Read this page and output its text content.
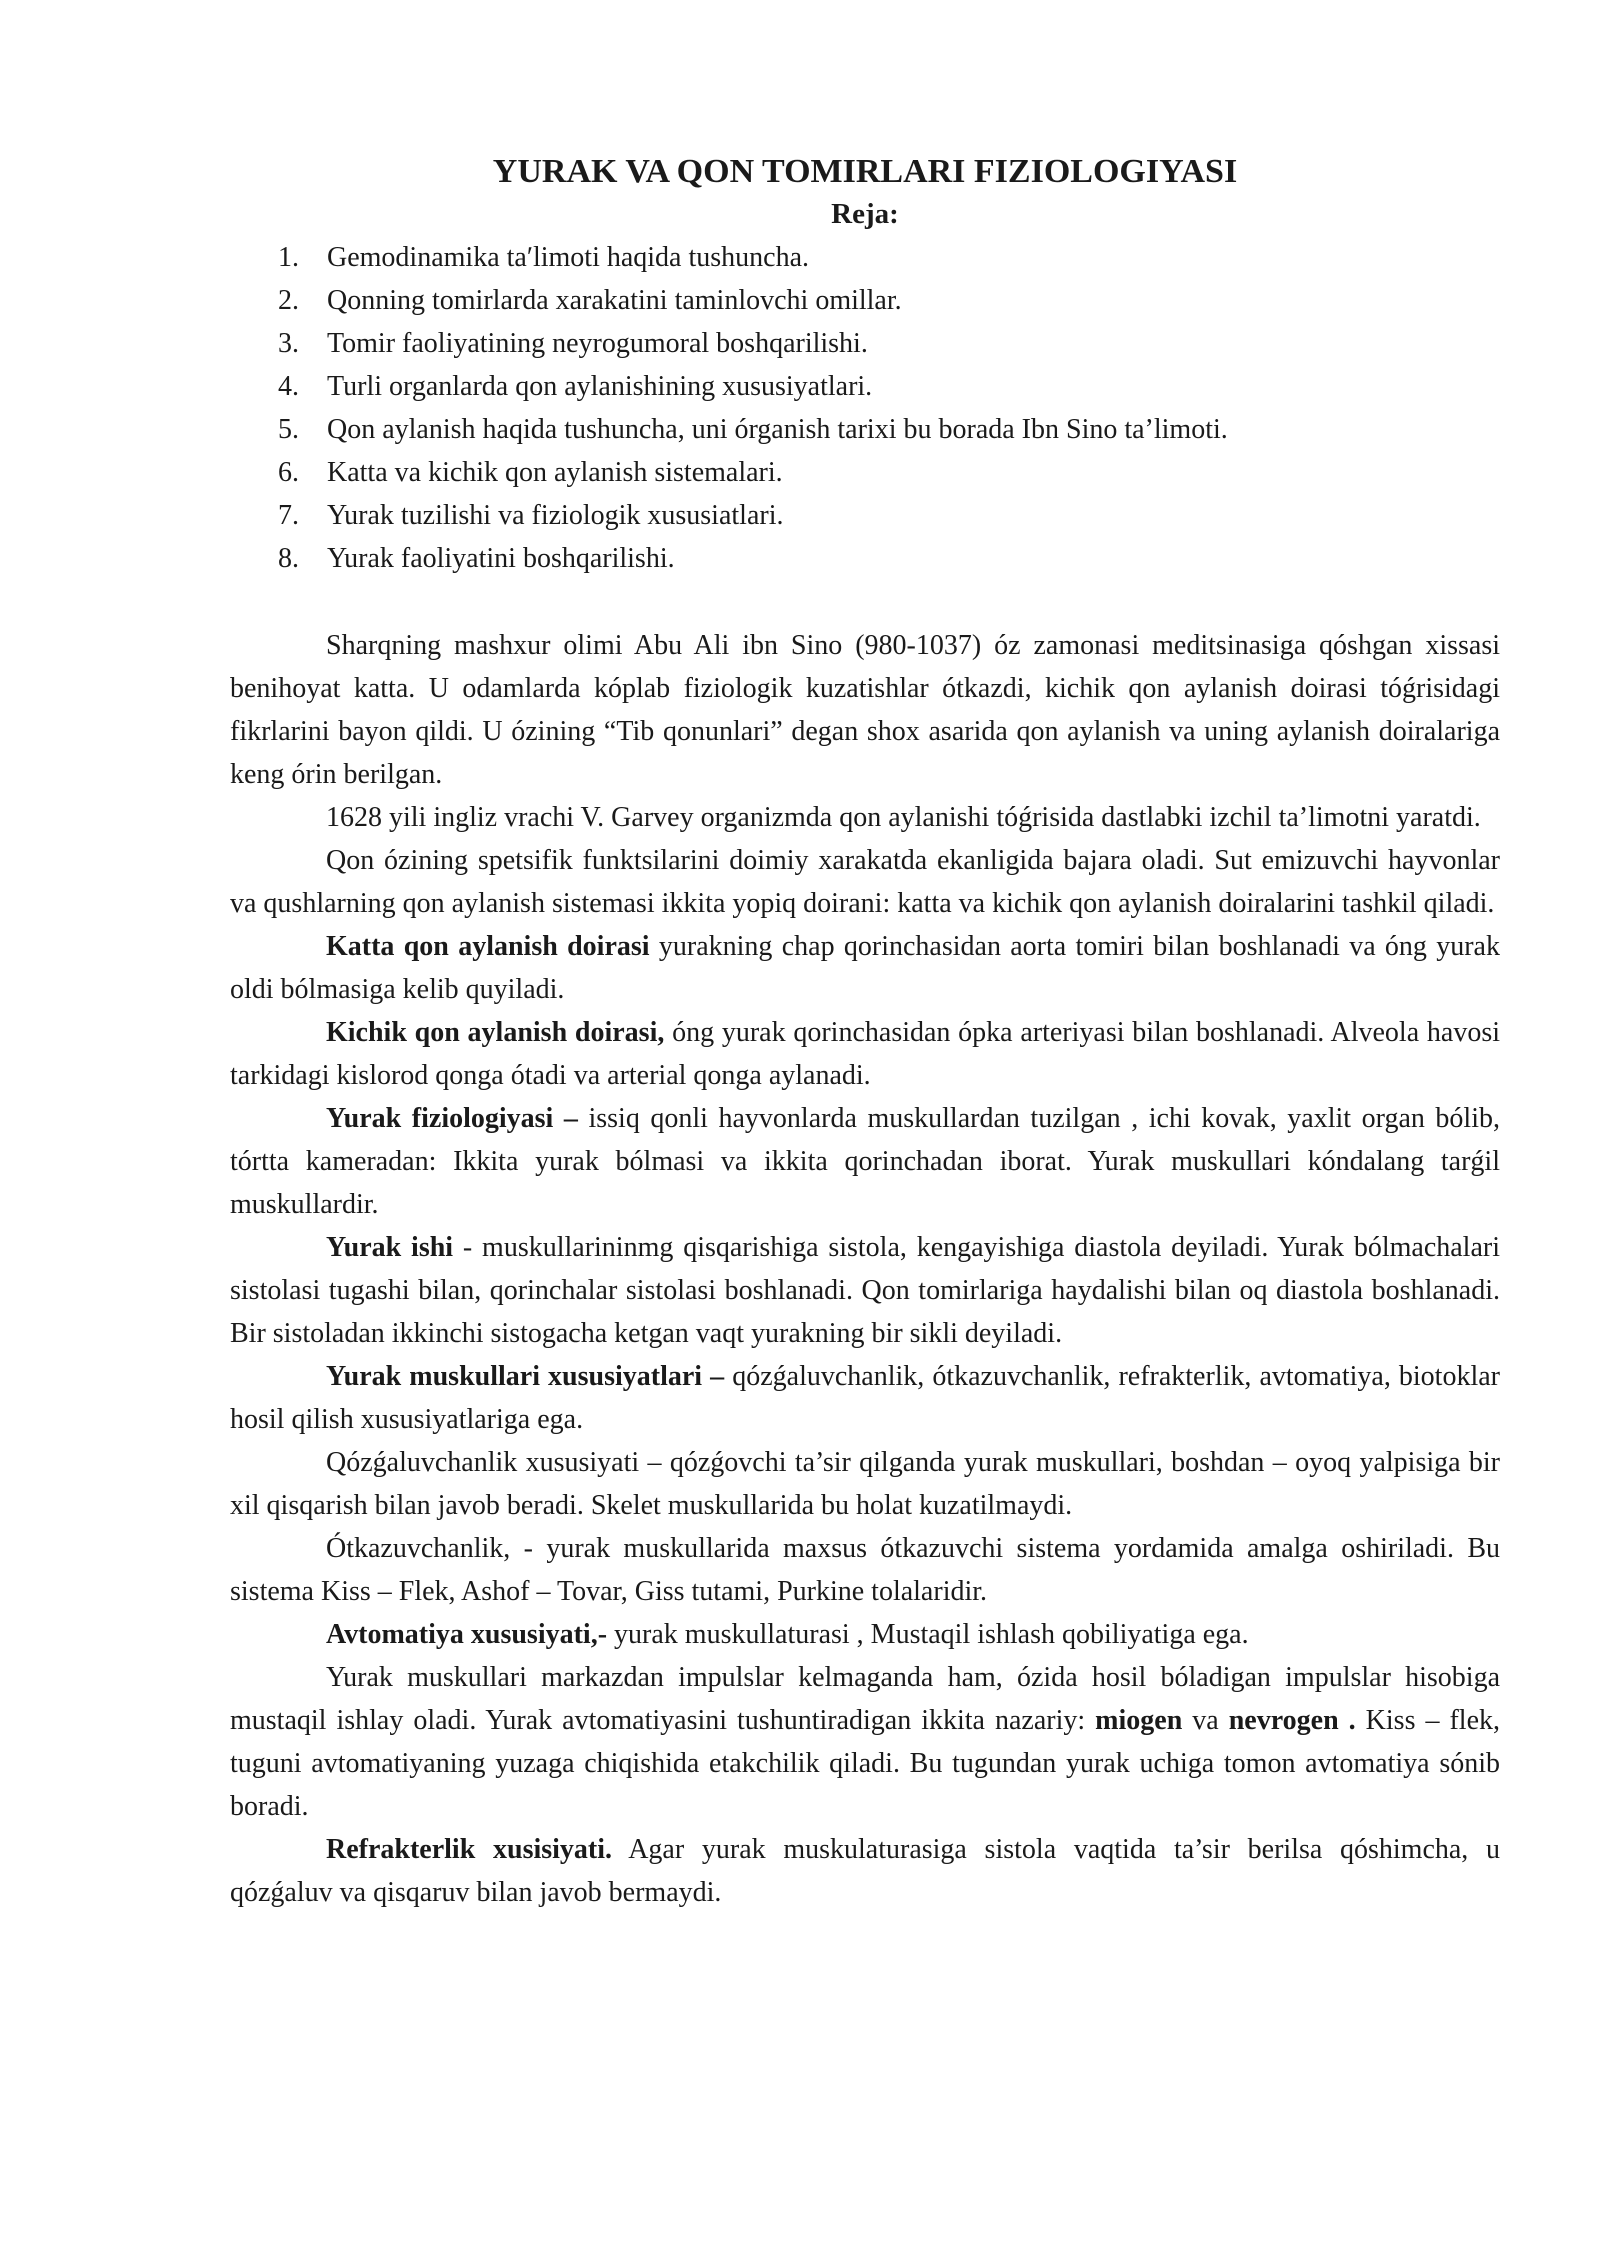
YURAK VA QON TOMIRLARI FIZIOLOGIYASI
Reja:
1. Gemodinamika taʹlimoti haqida tushuncha.
2. Qonning tomirlarda xarakatini taminlovchi omillar.
3. Tomir faoliyatining neyrogumoral boshqarilishi.
4. Turli organlarda qon aylanishining xususiyatlari.
5. Qon aylanish haqida tushuncha, uni órganish tarixi bu borada Ibn Sino ta’limoti.
6. Katta va kichik qon aylanish sistemalari.
7. Yurak tuzilishi va fiziologik xususiatlari.
8. Yurak faoliyatini boshqarilishi.

Sharqning mashxur olimi Abu Ali ibn Sino (980-1037) óz zamonasi meditsinasiga qóshgan xissasi benihoyat katta. U odamlarda kóplab fiziologik kuzatishlar ótkazdi, kichik qon aylanish doirasi tóǵrisidagi fikrlarini bayon qildi. U ózining “Tib qonunlari” degan shox asarida qon aylanish va uning aylanish doiralariga keng órin berilgan.

1628 yili ingliz vrachi V. Garvey organizmda qon aylanishi tóǵrisida dastlabki izchil ta’limotni yaratdi.

Qon ózining spetsifik funktsilarini doimiy xarakatda ekanligida bajara oladi. Sut emizuvchi hayvonlar va qushlarning qon aylanish sistemasi ikkita yopiq doirani: katta va kichik qon aylanish doiralarini tashkil qiladi.

Katta qon aylanish doirasi yurakning chap qorinchasidan aorta tomiri bilan boshlanadi va óng yurak oldi bólmasiga kelib quyiladi.

Kichik qon aylanish doirasi, óng yurak qorinchasidan ópka arteriyasi bilan boshlanadi. Alveola havosi tarkidagi kislorod qonga ótadi va arterial qonga aylanadi.

Yurak fiziologiyasi – issiq qonli hayvonlarda muskullardan tuzilgan , ichi kovak, yaxlit organ bólib, tórtta kameradan: Ikkita yurak bólmasi va ikkita qorinchadan iborat. Yurak muskullari kóndalang tarǵil muskullardir.

Yurak ishi - muskullarininmg qisqarishiga sistola, kengayishiga diastola deyiladi. Yurak bólmachalari sistolasi tugashi bilan, qorinchalar sistolasi boshlanadi. Qon tomirlariga haydalishi bilan oq diastola boshlanadi. Bir sistoladan ikkinchi sistogacha ketgan vaqt yurakning bir sikli deyiladi.

Yurak muskullari xususiyatlari – qózǵaluvchanlik, ótkazuvchanlik, refrakterlik, avtomatiya, biotoklar hosil qilish xususiyatlariga ega.

Qózǵaluvchanlik xususiyati – qózǵovchi ta’sir qilganda yurak muskullari, boshdan – oyoq yalpisiga bir xil qisqarish bilan javob beradi. Skelet muskullarida bu holat kuzatilmaydi.

Ótkazuvchanlik, - yurak muskullarida maxsus ótkazuvchi sistema yordamida amalga oshiriladi. Bu sistema Kiss – Flek, Ashof – Tovar, Giss tutami, Purkine tolalaridir.

Avtomatiya xususiyati,- yurak muskullaturasi , Mustaqil ishlash qobiliyatiga ega.

Yurak muskullari markazdan impulslar kelmaganda ham, ózida hosil bóladigan impulslar hisobiga mustaqil ishlay oladi. Yurak avtomatiyasini tushuntiradigan ikkita nazariy: miogen va nevrogen . Kiss – flek, tuguni avtomatiyaning yuzaga chiqishida etakchilik qiladi. Bu tugundan yurak uchiga tomon avtomatiya sónib boradi.

Refrakterlik xusisiyati. Agar yurak muskulaturasiga sistola vaqtida ta’sir berilsa qóshimcha, u qózǵaluv va qisqaruv bilan javob bermaydi.
